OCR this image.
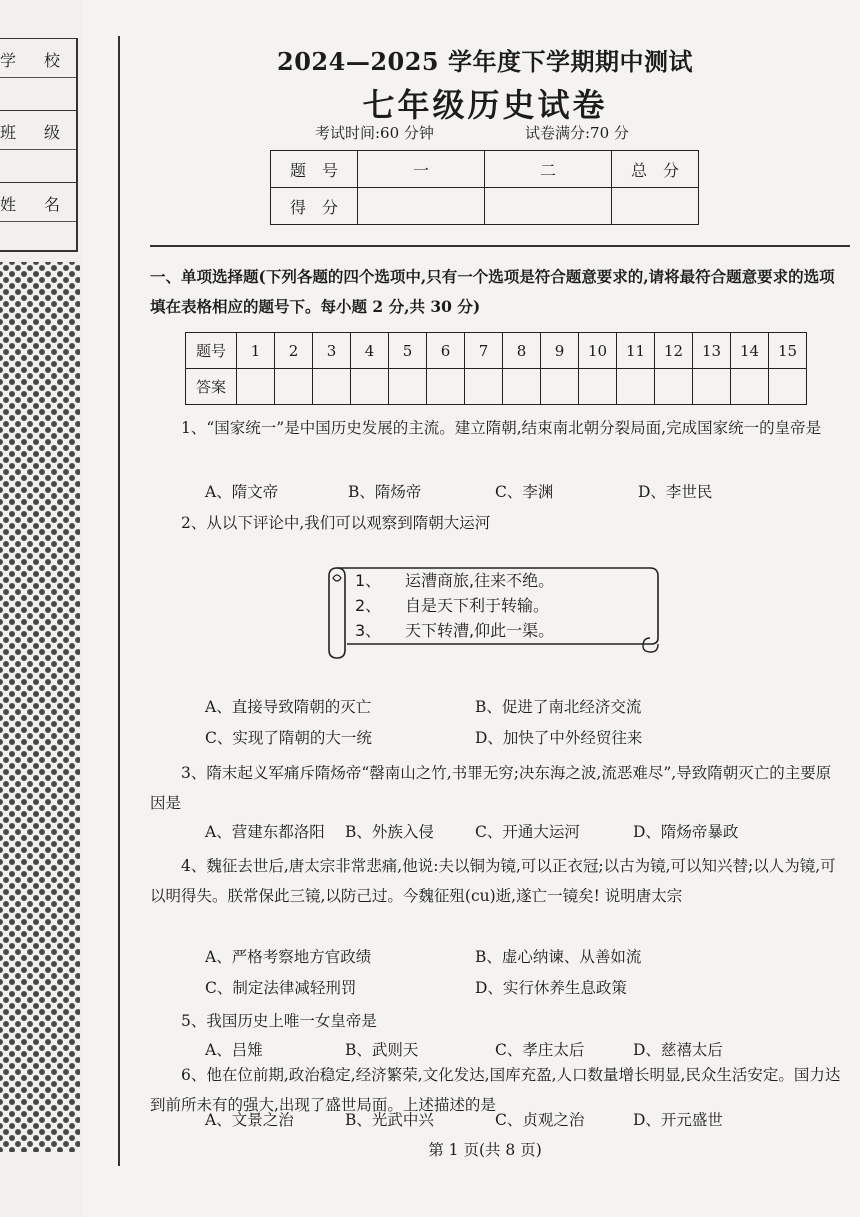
学 校
班 级
姓 名
2024—2025 学年度下学期期中测试
七年级历史试卷
考试时间:60 分钟	试卷满分:70 分
题　号	一	二	总　分
得　分			
一、单项选择题(下列各题的四个选项中,只有一个选项是符合题意要求的,请将最符合题意要求的选项填在表格相应的题号下。每小题 2 分,共 30 分)
题号	1	2	3	4	5	6	7	8	9	10	11	12	13	14	15
答案															
1、“国家统一”是中国历史发展的主流。建立隋朝,结束南北朝分裂局面,完成国家统一的皇帝是
A、隋文帝	B、隋炀帝	C、李渊	D、李世民
2、从以下评论中,我们可以观察到隋朝大运河
1、 运漕商旅,往来不绝。
2、 自是天下利于转输。
3、 天下转漕,仰此一渠。
A、直接导致隋朝的灭亡	B、促进了南北经济交流
C、实现了隋朝的大一统	D、加快了中外经贸往来
3、隋末起义军痛斥隋炀帝“罄南山之竹,书罪无穷;决东海之波,流恶难尽”,导致隋朝灭亡的主要原因是
A、营建东都洛阳 B、外族入侵	C、开通大运河	D、隋炀帝暴政
4、魏征去世后,唐太宗非常悲痛,他说:夫以铜为镜,可以正衣冠;以古为镜,可以知兴替;以人为镜,可以明得失。朕常保此三镜,以防己过。今魏征殂(cu)逝,遂亡一镜矣! 说明唐太宗
A、严格考察地方官政绩	B、虚心纳谏、从善如流
C、制定法律减轻刑罚	D、实行休养生息政策
5、我国历史上唯一女皇帝是
A、吕雉	B、武则天	C、孝庄太后	D、慈禧太后
6、他在位前期,政治稳定,经济繁荣,文化发达,国库充盈,人口数量增长明显,民众生活安定。国力达到前所未有的强大,出现了盛世局面。上述描述的是
A、文景之治	B、光武中兴	C、贞观之治	D、开元盛世
第 1 页(共 8 页)
